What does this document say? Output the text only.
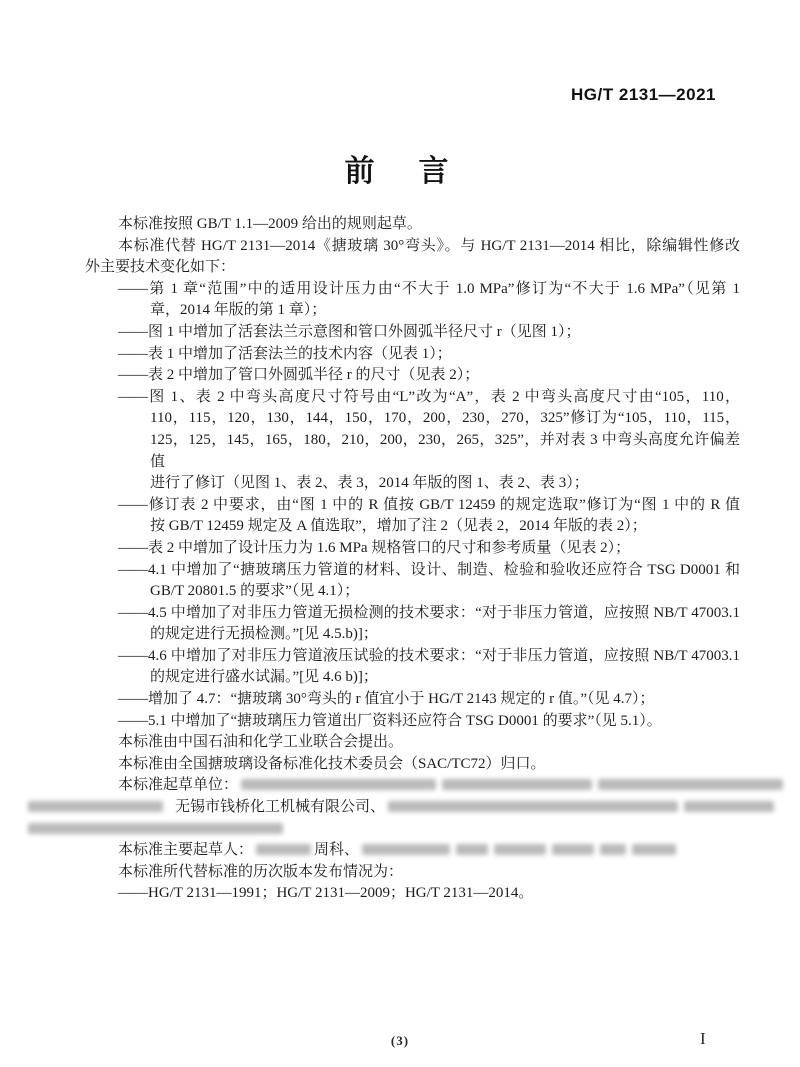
HG/T 2131—2021
前　言
本标准按照 GB/T 1.1—2009 给出的规则起草。
本标准代替 HG/T 2131—2014《搪玻璃 30°弯头》。与 HG/T 2131—2014 相比，除编辑性修改
外主要技术变化如下：
——第 1 章“范围”中的适用设计压力由“不大于 1.0 MPa”修订为“不大于 1.6 MPa”（见第 1
章，2014 年版的第 1 章）；
——图 1 中增加了活套法兰示意图和管口外圆弧半径尺寸 r（见图 1）；
——表 1 中增加了活套法兰的技术内容（见表 1）；
——表 2 中增加了管口外圆弧半径 r 的尺寸（见表 2）；
——图 1、表 2 中弯头高度尺寸符号由“L”改为“A”，表 2 中弯头高度尺寸由“105，110，
110，115，120，130，144，150，170，200，230，270，325”修订为“105，110，115，
125，125，145，165，180，210，200，230，265，325”，并对表 3 中弯头高度允许偏差值
进行了修订（见图 1、表 2、表 3，2014 年版的图 1、表 2、表 3）；
——修订表 2 中要求，由“图 1 中的 R 值按 GB/T 12459 的规定选取”修订为“图 1 中的 R 值
按 GB/T 12459 规定及 A 值选取”，增加了注 2（见表 2，2014 年版的表 2）；
——表 2 中增加了设计压力为 1.6 MPa 规格管口的尺寸和参考质量（见表 2）；
——4.1 中增加了“搪玻璃压力管道的材料、设计、制造、检验和验收还应符合 TSG D0001 和
GB/T 20801.5 的要求”（见 4.1）；
——4.5 中增加了对非压力管道无损检测的技术要求：“对于非压力管道，应按照 NB/T 47003.1
的规定进行无损检测。”[见 4.5.b)]；
——4.6 中增加了对非压力管道液压试验的技术要求：“对于非压力管道，应按照 NB/T 47003.1
的规定进行盛水试漏。”[见 4.6 b)]；
——增加了 4.7：“搪玻璃 30°弯头的 r 值宜小于 HG/T 2143 规定的 r 值。”（见 4.7）；
——5.1 中增加了“搪玻璃压力管道出厂资料还应符合 TSG D0001 的要求”（见 5.1）。
本标准由中国石油和化学工业联合会提出。
本标准由全国搪玻璃设备标准化技术委员会（SAC/TC72）归口。
本标准起草单位：
无锡市钱桥化工机械有限公司、
本标准主要起草人：	周科、
本标准所代替标准的历次版本发布情况为：
——HG/T 2131—1991；HG/T 2131—2009；HG/T 2131—2014。
(3)	I
